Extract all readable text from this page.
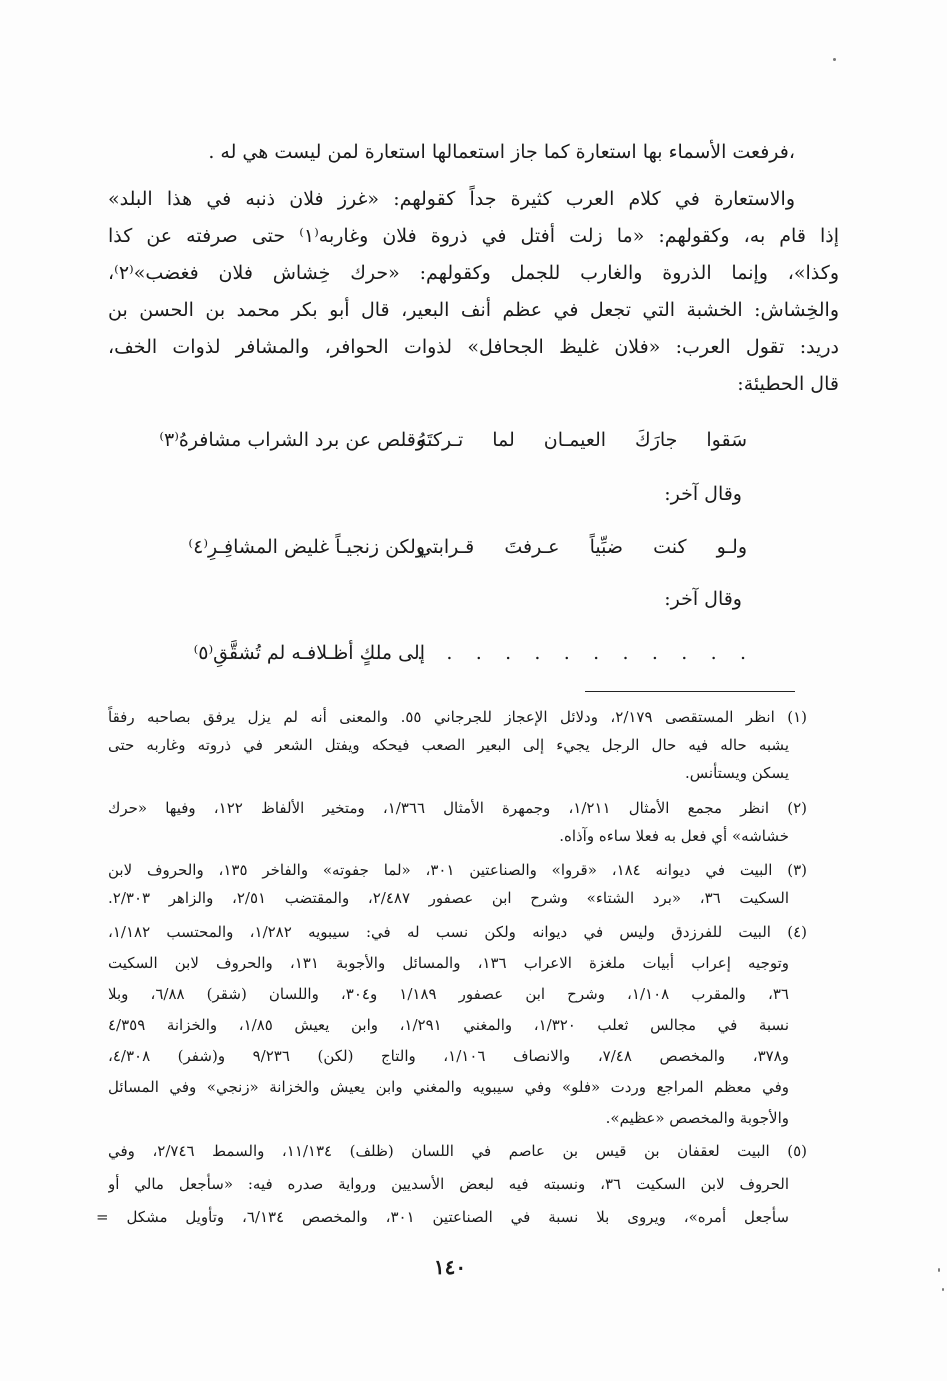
،فرفعت الأسماء بها استعارة كما جاز استعمالها استعارة لمن ليست هي له .
والاستعارة في كلام العرب كثيرة جداً كقولهم: «غرز فلان ذنبه في هذا البلد»
إذا قام به، وكقولهم: «ما زلت أفتل في ذروة فلان وغاربه⁽١⁾ حتى صرفته عن كذا
وكذا»، وإنما الذروة والغارب للجمل وكقولهم: «حرك خِشاش فلان فغضب»⁽٢⁾،
والخِشاش: الخشبة التي تجعل في عظم أنف البعير، قال أبو بكر محمد بن الحسن بن
دريد: تقول العرب: «فلان غليظ الجحافل» لذوات الحوافر، والمشافر لذوات الخف،
قال الحطيئة:
سَقوا جارَكَ العيمـان لما تـركتَهُ
وقلص عن برد الشراب مشافرهُ⁽٣⁾
وقال آخر:
ولـو كنت ضبِّياً عـرفتَ قـرابتي
ولكن زنجيـاً غليض المشافِـرِ⁽٤⁾
وقال آخر:
. . . . . . . . . . . .
إلى ملكٍ أظـلافـه لم تُشقَّقِ⁽٥⁾
(١) انظر المستقصى ٢/١٧٩، ودلائل الإعجاز للجرجاني ٥٥. والمعنى أنه لم يزل يرفق بصاحبه رفقاً
يشبه حاله فيه حال الرجل يجيء إلى البعير الصعب فيحكه ويفتل الشعر في ذروته وغاربه حتى
يسكن ويستأنس.
(٢) انظر مجمع الأمثال ١/٢١١، وجمهرة الأمثال ١/٣٦٦، ومتخير الألفاظ ١٢٢، وفيها «حرك
خشاشه» أي فعل به فعلا ساءه وآذاه.
(٣) البيت في ديوانه ١٨٤، «قروا» والصناعتين ٣٠١، «لما جفوته» والفاخر ١٣٥، والحروف لابن
السكيت ٣٦، «برد الشتاء» وشرح ابن عصفور ٢/٤٨٧، والمقتضب ٢/٥١، والزاهر ٢/٣٠٣.
(٤) البيت للفرزدق وليس في ديوانه ولكن نسب له في: سيبويه ١/٢٨٢، والمحتسب ١/١٨٢،
وتوجيه إعراب أبيات ملغزة الاعراب ١٣٦، والمسائل والأجوبة ١٣١، والحروف لابن السكيت
٣٦، والمقرب ١/١٠٨، وشرح ابن عصفور ١/١٨٩ و٣٠٤، واللسان (شقر) ٦/٨٨، وبلا
نسبة في مجالس ثعلب ١/٣٢٠، والمغني ١/٢٩١، وابن يعيش ١/٨٥، والخزانة ٤/٣٥٩
و٣٧٨، والمخصص ٧/٤٨، والانصاف ١/١٠٦، والتاج (لكن) ٩/٢٣٦ و(شفر) ٤/٣٠٨،
وفي معظم المراجع وردت «فلو» وفي سيبويه والمغني وابن يعيش والخزانة «زنجي» وفي المسائل
والأجوبة والمخصص «عظيم».
(٥) البيت لعقفان بن قيس بن عاصم في اللسان (ظلف) ١١/١٣٤، والسمط ٢/٧٤٦، وفي
الحروف لابن السكيت ٣٦، ونسبته فيه لبعض الأسديين ورواية صدره فيه: «سأجعل مالي أو
سأجعل أمره»، ويروى بلا نسبة في الصناعتين ٣٠١، والمخصص ٦/١٣٤، وتأويل مشكل =
١٤٠
